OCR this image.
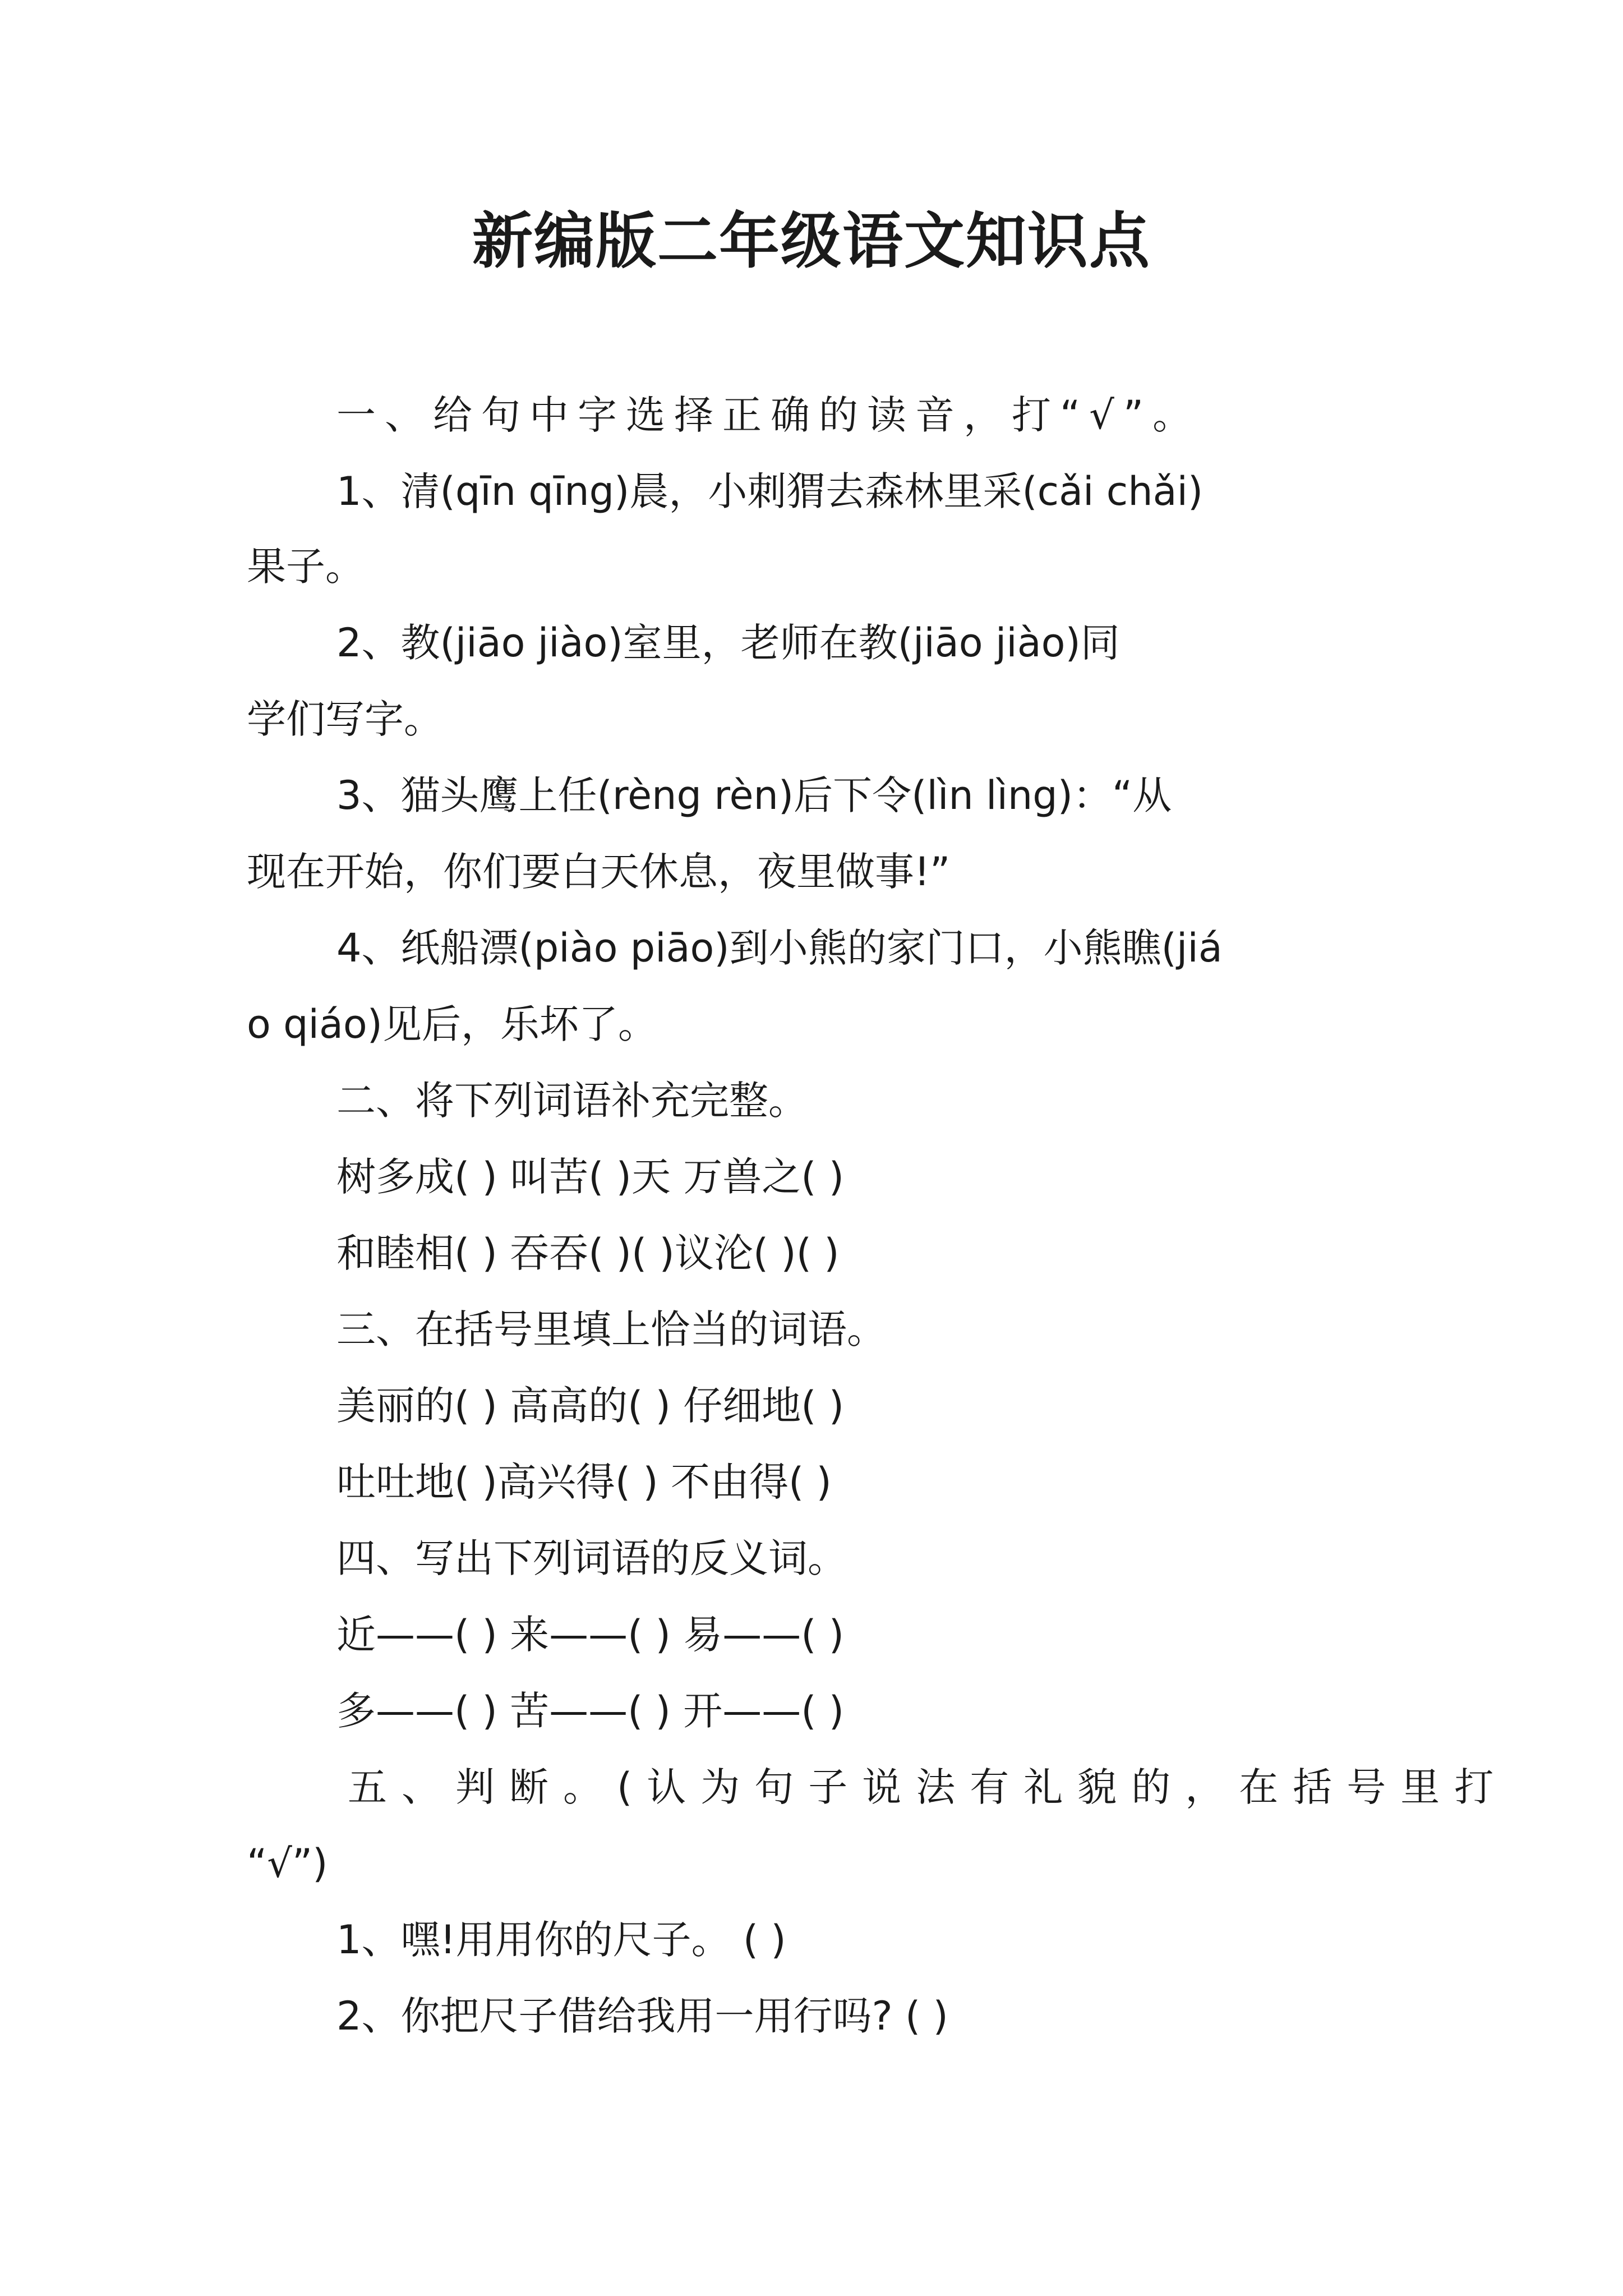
新编版二年级语文知识点
一、给句中字选择正确的读音，打“√”。
1、清(qīn qīng)晨，小刺猬去森林里采(cǎi chǎi)
果子。
2、教(jiāo jiào)室里，老师在教(jiāo jiào)同
学们写字。
3、猫头鹰上任(rèng rèn)后下令(lìn lìng)：“从
现在开始，你们要白天休息，夜里做事!”
4、纸船漂(piào piāo)到小熊的家门口，小熊瞧(jiá
o qiáo)见后，乐坏了。
二、将下列词语补充完整。
树多成( ) 叫苦( )天 万兽之( )
和睦相( ) 吞吞( )( )议沦( )( )
三、在括号里填上恰当的词语。
美丽的( ) 高高的( ) 仔细地( )
吐吐地( )高兴得( ) 不由得( )
四、写出下列词语的反义词。
近——( ) 来——( ) 易——( )
多——( ) 苦——( ) 开——( )
五、判断。(认为句子说法有礼貌的，在括号里打
“√”)
1、嘿!用用你的尺子。 ( )
2、你把尺子借给我用一用行吗? ( )
